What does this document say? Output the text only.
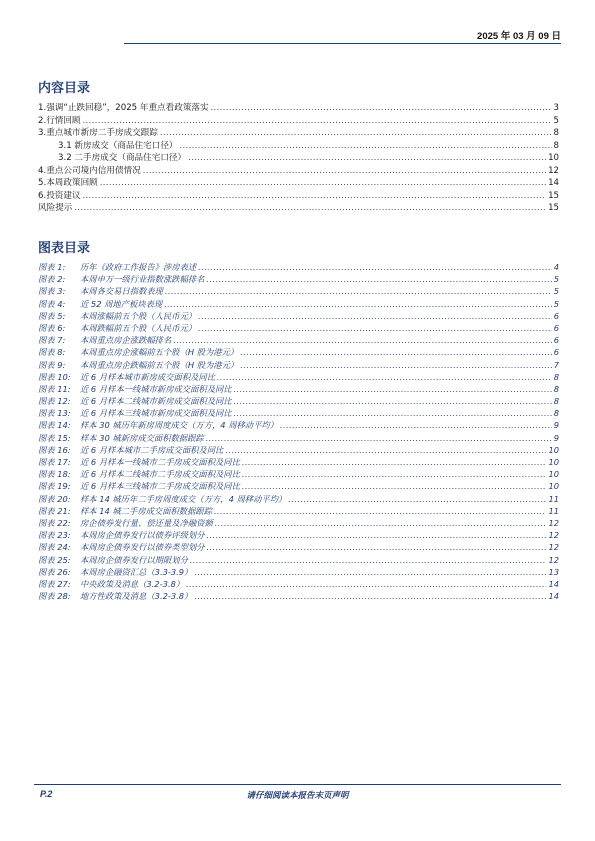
2025 年 03 月 09 日
内容目录
1.强调“止跌回稳”，2025 年重点看政策落实 .....	3
2.行情回顾 .....	5
3.重点城市新房二手房成交跟踪 .....	8
3.1 新房成交（商品住宅口径） .....	8
3.2 二手房成交（商品住宅口径） .....	10
4.重点公司境内信用债情况 .....	12
5.本周政策回顾 .....	14
6.投资建议 .....	15
风险提示 .....	15
图表目录
图表 1:	历年《政府工作报告》涉房表述 .....	4
图表 2:	本周申万一级行业指数涨跌幅排名 .....	5
图表 3:	本周各交易日指数表现 .....	5
图表 4:	近 52 周地产板块表现 .....	5
图表 5:	本周涨幅前五个股（人民币元） .....	6
图表 6:	本周跌幅前五个股（人民币元） .....	6
图表 7:	本周重点房企涨跌幅排名 .....	6
图表 8:	本周重点房企涨幅前五个股（H 股为港元） .....	6
图表 9:	本周重点房企跌幅前五个股（H 股为港元） .....	7
图表 10:	近 6 月样本城市新房成交面积及同比 .....	8
图表 11:	近 6 月样本一线城市新房成交面积及同比 .....	8
图表 12:	近 6 月样本二线城市新房成交面积及同比 .....	8
图表 13:	近 6 月样本三线城市新房成交面积及同比 .....	8
图表 14:	样本 30 城历年新房周度成交（万方，4 周移动平均） .....	9
图表 15:	样本 30 城新房成交面积数据跟踪 .....	9
图表 16:	近 6 月样本城市二手房成交面积及同比 .....	10
图表 17:	近 6 月样本一线城市二手房成交面积及同比 .....	10
图表 18:	近 6 月样本二线城市二手房成交面积及同比 .....	10
图表 19:	近 6 月样本三线城市二手房成交面积及同比 .....	10
图表 20:	样本 14 城历年二手房周度成交（万方，4 周移动平均） .....	11
图表 21:	样本 14 城二手房成交面积数据跟踪 .....	11
图表 22:	房企债券发行量、偿还量及净融资额 .....	12
图表 23:	本周房企债券发行以债券评级划分 .....	12
图表 24:	本周房企债券发行以债券类型划分 .....	12
图表 25:	本周房企债券发行以期限划分 .....	12
图表 26:	本周房企融资汇总（3.3-3.9） .....	13
图表 27:	中央政策及消息（3.2-3.8） .....	14
图表 28:	地方性政策及消息（3.2-3.8） .....	14
P.2	请仔细阅读本报告末页声明
